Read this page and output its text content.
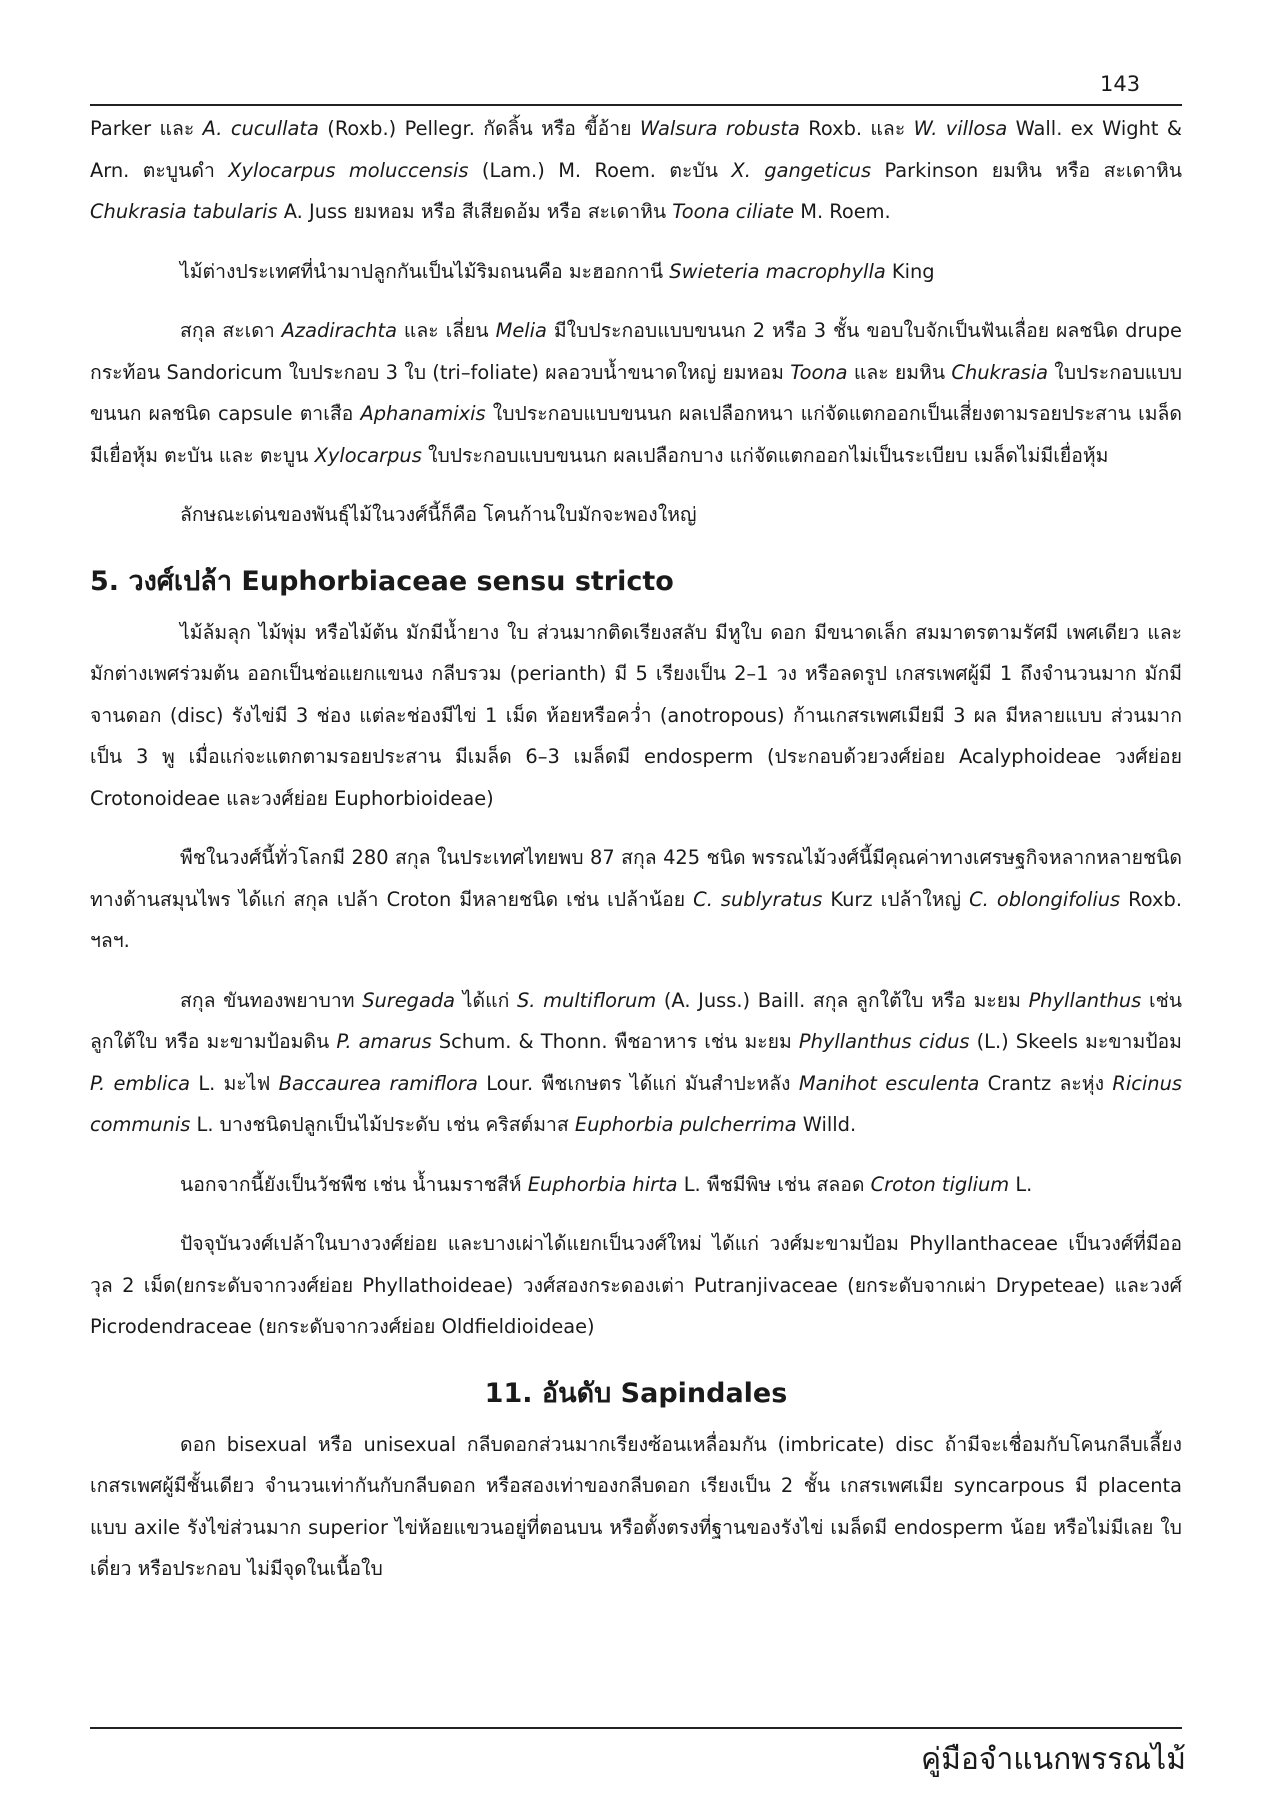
143

Parker และ A. cucullata (Roxb.) Pellegr. กัดลิ้น หรือ ขี้อ้าย Walsura robusta Roxb. และ W. villosa Wall. ex Wight & Arn. ตะบูนดำ Xylocarpus moluccensis (Lam.) M. Roem. ตะบัน X. gangeticus Parkinson ยมหิน หรือ สะเดาหิน Chukrasia tabularis A. Juss ยมหอม หรือ สีเสียดอ้ม หรือ สะเดาหิน Toona ciliate M. Roem.

ไม้ต่างประเทศที่นำมาปลูกกันเป็นไม้ริมถนนคือ มะฮอกกานี Swieteria macrophylla King

สกุล สะเดา Azadirachta และ เลี่ยน Melia มีใบประกอบแบบขนนก 2 หรือ 3 ชั้น ขอบใบจักเป็นฟันเลื่อย ผลชนิด drupe กระท้อน Sandoricum ใบประกอบ 3 ใบ (tri–foliate) ผลอวบน้ำขนาดใหญ่ ยมหอม Toona และ ยมหิน Chukrasia ใบประกอบแบบขนนก ผลชนิด capsule ตาเสือ Aphanamixis ใบประกอบแบบขนนก ผลเปลือกหนา แก่จัดแตกออกเป็นเสี่ยงตามรอยประสาน เมล็ดมีเยื่อหุ้ม ตะบัน และ ตะบูน Xylocarpus ใบประกอบแบบขนนก ผลเปลือกบาง แก่จัดแตกออกไม่เป็นระเบียบ เมล็ดไม่มีเยื่อหุ้ม

ลักษณะเด่นของพันธุ์ไม้ในวงศ์นี้ก็คือ โคนก้านใบมักจะพองใหญ่

5. วงศ์เปล้า Euphorbiaceae sensu stricto

ไม้ล้มลุก ไม้พุ่ม หรือไม้ต้น มักมีน้ำยาง ใบ ส่วนมากติดเรียงสลับ มีหูใบ ดอก มีขนาดเล็ก สมมาตรตามรัศมี เพศเดียว และมักต่างเพศร่วมต้น ออกเป็นช่อแยกแขนง กลีบรวม (perianth) มี 5 เรียงเป็น 2–1 วง หรือลดรูป เกสรเพศผู้มี 1 ถึงจำนวนมาก มักมีจานดอก (disc) รังไข่มี 3 ช่อง แต่ละช่องมีไข่ 1 เม็ด ห้อยหรือคว่ำ (anotropous) ก้านเกสรเพศเมียมี 3 ผล มีหลายแบบ ส่วนมากเป็น 3 พู เมื่อแก่จะแตกตามรอยประสาน มีเมล็ด 6–3 เมล็ดมี endosperm (ประกอบด้วยวงศ์ย่อย Acalyphoideae วงศ์ย่อย Crotonoideae และวงศ์ย่อย Euphorbioideae)

พืชในวงศ์นี้ทั่วโลกมี 280 สกุล ในประเทศไทยพบ 87 สกุล 425 ชนิด พรรณไม้วงศ์นี้มีคุณค่าทางเศรษฐกิจหลากหลายชนิด ทางด้านสมุนไพร ได้แก่ สกุล เปล้า Croton มีหลายชนิด เช่น เปล้าน้อย C. sublyratus Kurz เปล้าใหญ่ C. oblongifolius Roxb. ฯลฯ.

สกุล ขันทองพยาบาท Suregada ได้แก่ S. multiflorum (A. Juss.) Baill. สกุล ลูกใต้ใบ หรือ มะยม Phyllanthus เช่น ลูกใต้ใบ หรือ มะขามป้อมดิน P. amarus Schum. & Thonn. พืชอาหาร เช่น มะยม Phyllanthus cidus (L.) Skeels มะขามป้อม P. emblica L. มะไฟ Baccaurea ramiflora Lour. พืชเกษตร ได้แก่ มันสำปะหลัง Manihot esculenta Crantz ละหุ่ง Ricinus communis L. บางชนิดปลูกเป็นไม้ประดับ เช่น คริสต์มาส Euphorbia pulcherrima Willd.

นอกจากนี้ยังเป็นวัชพืช เช่น น้ำนมราชสีห์ Euphorbia hirta L. พืชมีพิษ เช่น สลอด Croton tiglium L.

ปัจจุบันวงศ์เปล้าในบางวงศ์ย่อย และบางเผ่าได้แยกเป็นวงศ์ใหม่ ได้แก่ วงศ์มะขามป้อม Phyllanthaceae เป็นวงศ์ที่มีออวุล 2 เม็ด(ยกระดับจากวงศ์ย่อย Phyllathoideae) วงศ์สองกระดองเต่า Putranjivaceae (ยกระดับจากเผ่า Drypeteae) และวงศ์ Picrodendraceae (ยกระดับจากวงศ์ย่อย Oldfieldioideae)

11. อันดับ Sapindales

ดอก bisexual หรือ unisexual กลีบดอกส่วนมากเรียงซ้อนเหลื่อมกัน (imbricate) disc ถ้ามีจะเชื่อมกับโคนกลีบเลี้ยง เกสรเพศผู้มีชั้นเดียว จำนวนเท่ากันกับกลีบดอก หรือสองเท่าของกลีบดอก เรียงเป็น 2 ชั้น เกสรเพศเมีย syncarpous มี placenta แบบ axile รังไข่ส่วนมาก superior ไข่ห้อยแขวนอยู่ที่ตอนบน หรือตั้งตรงที่ฐานของรังไข่ เมล็ดมี endosperm น้อย หรือไม่มีเลย ใบ เดี่ยว หรือประกอบ ไม่มีจุดในเนื้อใบ

คู่มือจำแนกพรรณไม้
